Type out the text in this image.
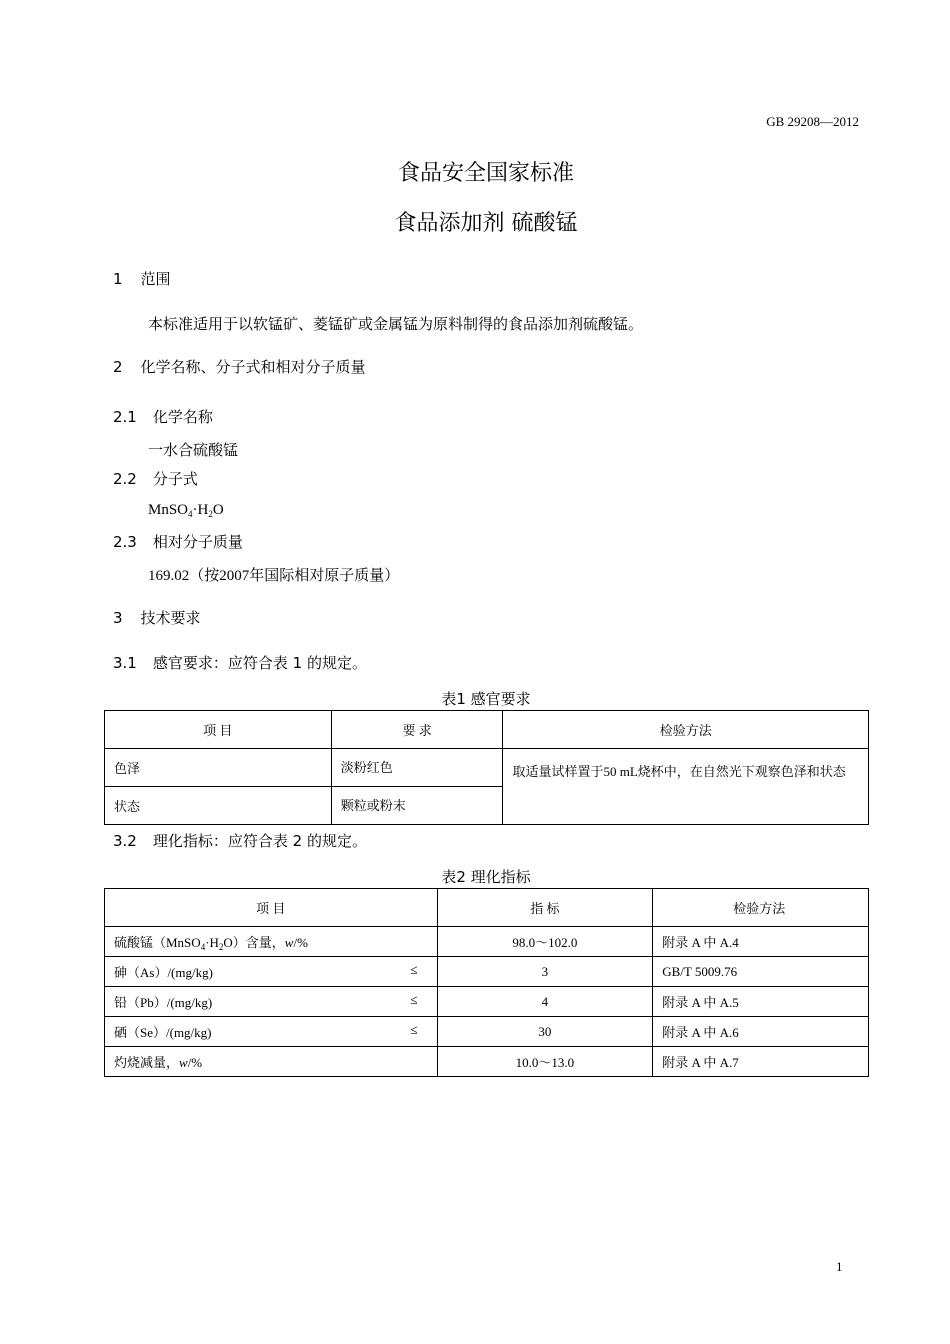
GB 29208—2012
食品安全国家标准
食品添加剂 硫酸锰
1 范围
本标准适用于以软锰矿、菱锰矿或金属锰为原料制得的食品添加剂硫酸锰。
2 化学名称、分子式和相对分子质量
2.1 化学名称
一水合硫酸锰
2.2 分子式
$MnSO_4\cdot H_2O$
2.3 相对分子质量
169.02（按2007年国际相对原子质量）
3 技术要求
3.1 感官要求：应符合表 1 的规定。
表1 感官要求
项 目	要 求	检验方法
色泽	淡粉红色	取适量试样置于50 mL烧杯中，在自然光下观察色泽和状态
状态	颗粒或粉末	
3.2 理化指标：应符合表 2 的规定。
表2 理化指标
项 目	指 标	检验方法
硫酸锰$(MnSO_4\cdot H_2O)$含量，w/%	98.0～102.0	附录 A 中 A.4
砷（As）/(mg/kg) ≤	3	GB/T 5009.76
铅（Pb）/(mg/kg) ≤	4	附录 A 中 A.5
硒（Se）/(mg/kg) ≤	30	附录 A 中 A.6
灼烧减量，w/%	10.0～13.0	附录 A 中 A.7
1
